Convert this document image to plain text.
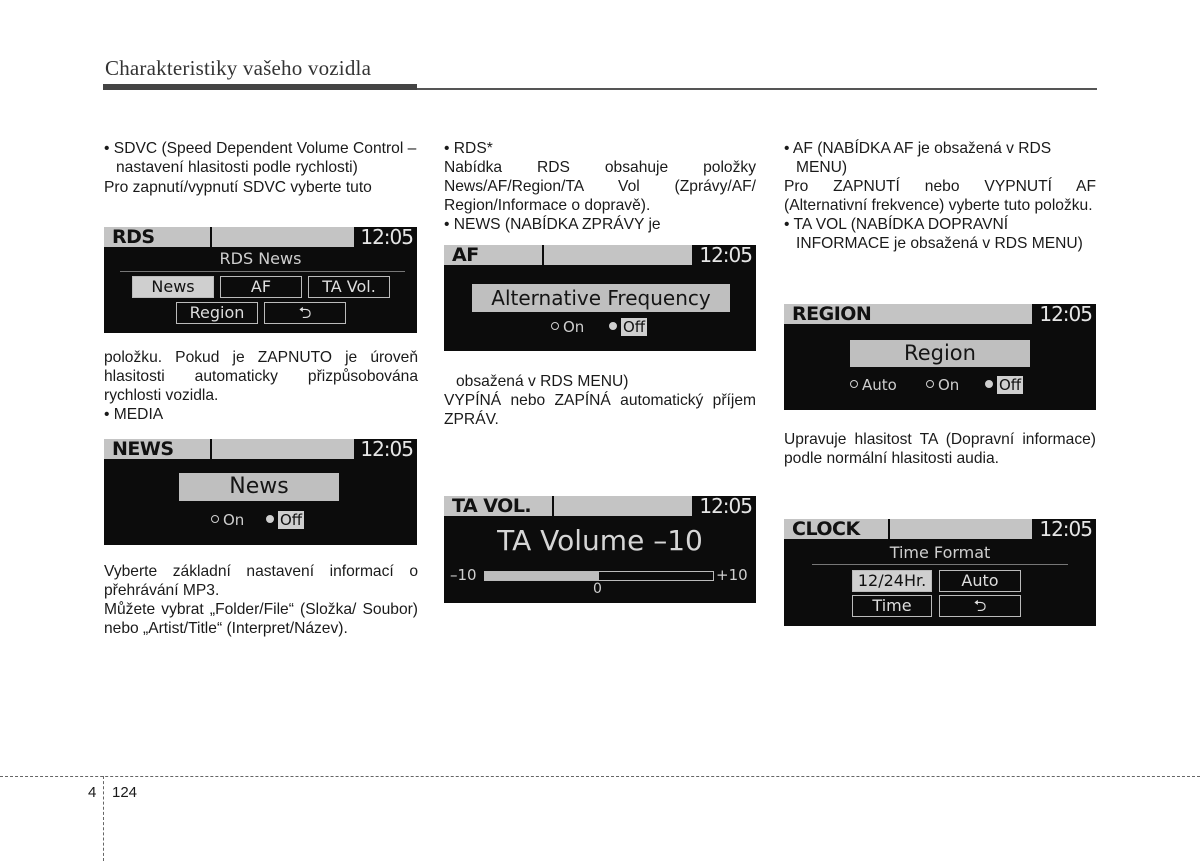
Charakteristiky vašeho vozidla

• SDVC (Speed Dependent Volume Control – nastavení hlasitosti podle rychlosti)

Pro zapnutí/vypnutí SDVC vyberte tuto

RDS	12:05
RDS News
News	AF	TA Vol.
Region	⮌

položku. Pokud je ZAPNUTO je úroveň hlasitosti automaticky přizpůsobována rychlosti vozidla.

• MEDIA

NEWS	12:05
News
On	Off

Vyberte základní nastavení informací o přehrávání MP3.

Můžete vybrat „Folder/File“ (Složka/ Soubor) nebo „Artist/Title“ (Interpret/Název).

• RDS*

Nabídka RDS obsahuje položky News/AF/Region/TA Vol (Zprávy/AF/ Region/Informace o dopravě).

• NEWS (NABÍDKA ZPRÁVY je

AF	12:05
Alternative Frequency
On	Off

obsažená v RDS MENU)

VYPÍNÁ nebo ZAPÍNÁ automatický příjem ZPRÁV.

TA VOL.	12:05
TA Volume –10
–10	+10
0

• AF (NABÍDKA AF je obsažená v RDS MENU)

Pro ZAPNUTÍ nebo VYPNUTÍ AF (Alternativní frekvence) vyberte tuto položku.

• TA VOL (NABÍDKA DOPRAVNÍ INFORMACE je obsažená v RDS MENU)

REGION	12:05
Region
Auto	On	Off

Upravuje hlasitost TA (Dopravní informace) podle normální hlasitosti audia.

CLOCK	12:05
Time Format
12/24Hr.	Auto
Time	⮌
4 124
